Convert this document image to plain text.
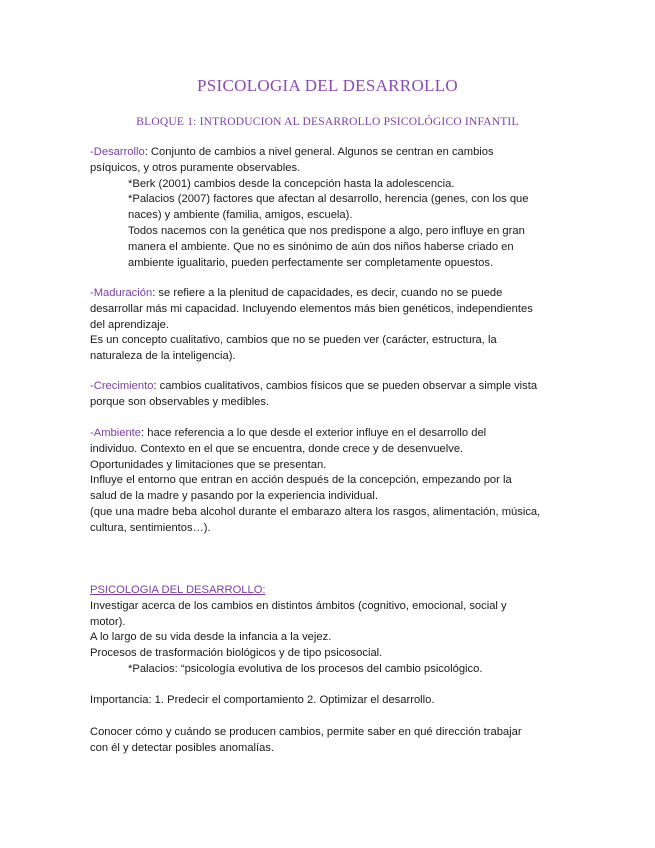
PSICOLOGIA DEL DESARROLLO
BLOQUE 1: INTRODUCION AL DESARROLLO PSICOLÓGICO INFANTIL
-Desarrollo: Conjunto de cambios a nivel general. Algunos se centran en cambios
psíquicos, y otros puramente observables.
*Berk (2001) cambios desde la concepción hasta la adolescencia.
*Palacios (2007) factores que afectan al desarrollo, herencia (genes, con los que
naces) y ambiente (familia, amigos, escuela).
Todos nacemos con la genética que nos predispone a algo, pero influye en gran
manera el ambiente. Que no es sinónimo de aún dos niños haberse criado en
ambiente igualitario, pueden perfectamente ser completamente opuestos.
-Maduración: se refiere a la plenitud de capacidades, es decir, cuando no se puede
desarrollar más mi capacidad. Incluyendo elementos más bien genéticos, independientes
del aprendizaje.
Es un concepto cualitativo, cambios que no se pueden ver (carácter, estructura, la
naturaleza de la inteligencia).
-Crecimiento: cambios cualitativos, cambios físicos que se pueden observar a simple vista
porque son observables y medibles.
-Ambiente: hace referencia a lo que desde el exterior influye en el desarrollo del
individuo. Contexto en el que se encuentra, donde crece y de desenvuelve.
Oportunidades y limitaciones que se presentan.
Influye el entorno que entran en acción después de la concepción, empezando por la
salud de la madre y pasando por la experiencia individual.
(que una madre beba alcohol durante el embarazo altera los rasgos, alimentación, música,
cultura, sentimientos…).
PSICOLOGIA DEL DESARROLLO:
Investigar acerca de los cambios en distintos ámbitos (cognitivo, emocional, social y
motor).
A lo largo de su vida desde la infancia a la vejez.
Procesos de trasformación biológicos y de tipo psicosocial.
*Palacios: “psicología evolutiva de los procesos del cambio psicológico.
Importancia: 1. Predecir el comportamiento 2. Optimizar el desarrollo.
Conocer cómo y cuándo se producen cambios, permite saber en qué dirección trabajar
con él y detectar posibles anomalías.
